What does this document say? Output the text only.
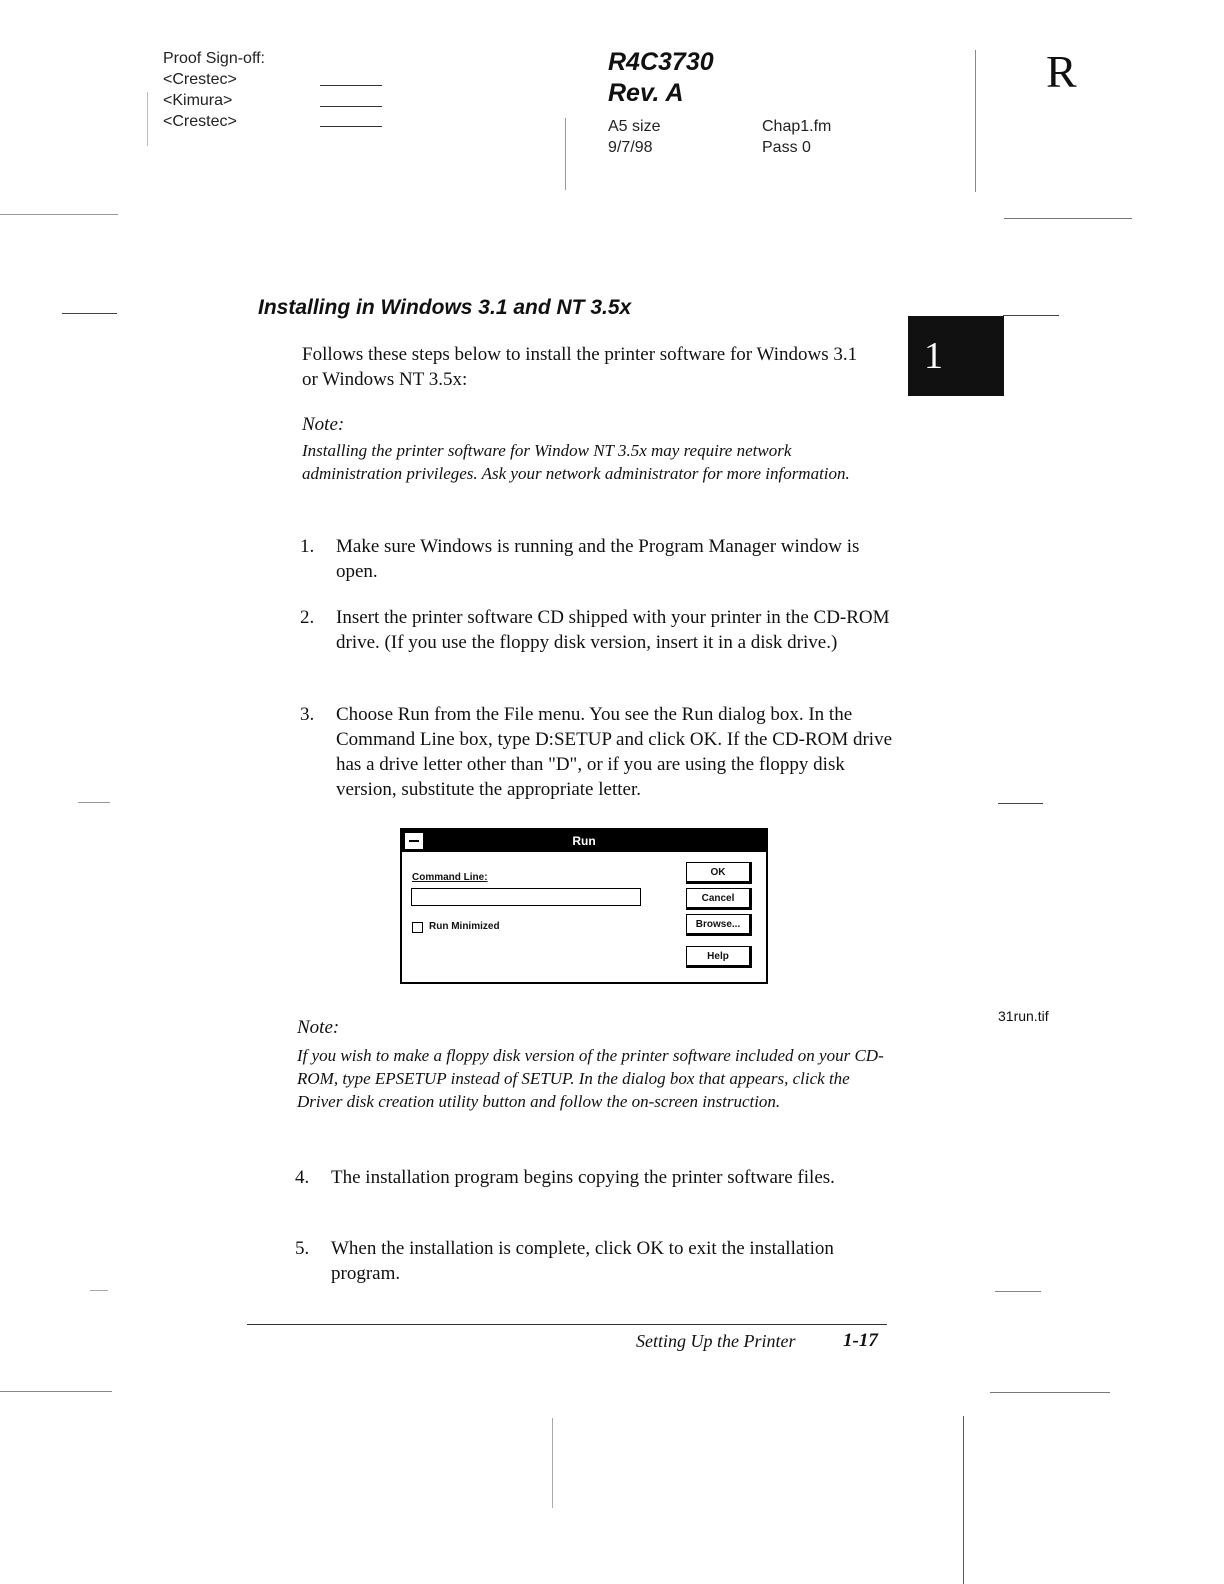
Proof Sign-off:
<Crestec>
<Kimura>
<Crestec>
R4C3730
Rev. A
A5 size
9/7/98
Chap1.fm
Pass 0
R
1
Installing in Windows 3.1 and NT 3.5x
Follows these steps below to install the printer software for Windows 3.1 or Windows NT 3.5x:
Note:
Installing the printer software for Window NT 3.5x may require network administration privileges. Ask your network administrator for more information.
1. Make sure Windows is running and the Program Manager window is open.
2. Insert the printer software CD shipped with your printer in the CD-ROM drive. (If you use the floppy disk version, insert it in a disk drive.)
3. Choose Run from the File menu. You see the Run dialog box. In the Command Line box, type D:SETUP and click OK. If the CD-ROM drive has a drive letter other than "D", or if you are using the floppy disk version, substitute the appropriate letter.
Run
Command Line:
Run Minimized
OK
Cancel
Browse...
Help
31run.tif
Note:
If you wish to make a floppy disk version of the printer software included on your CD-ROM, type EPSETUP instead of SETUP. In the dialog box that appears, click the Driver disk creation utility button and follow the on-screen instruction.
4. The installation program begins copying the printer software files.
5. When the installation is complete, click OK to exit the installation program.
Setting Up the Printer	1-17
